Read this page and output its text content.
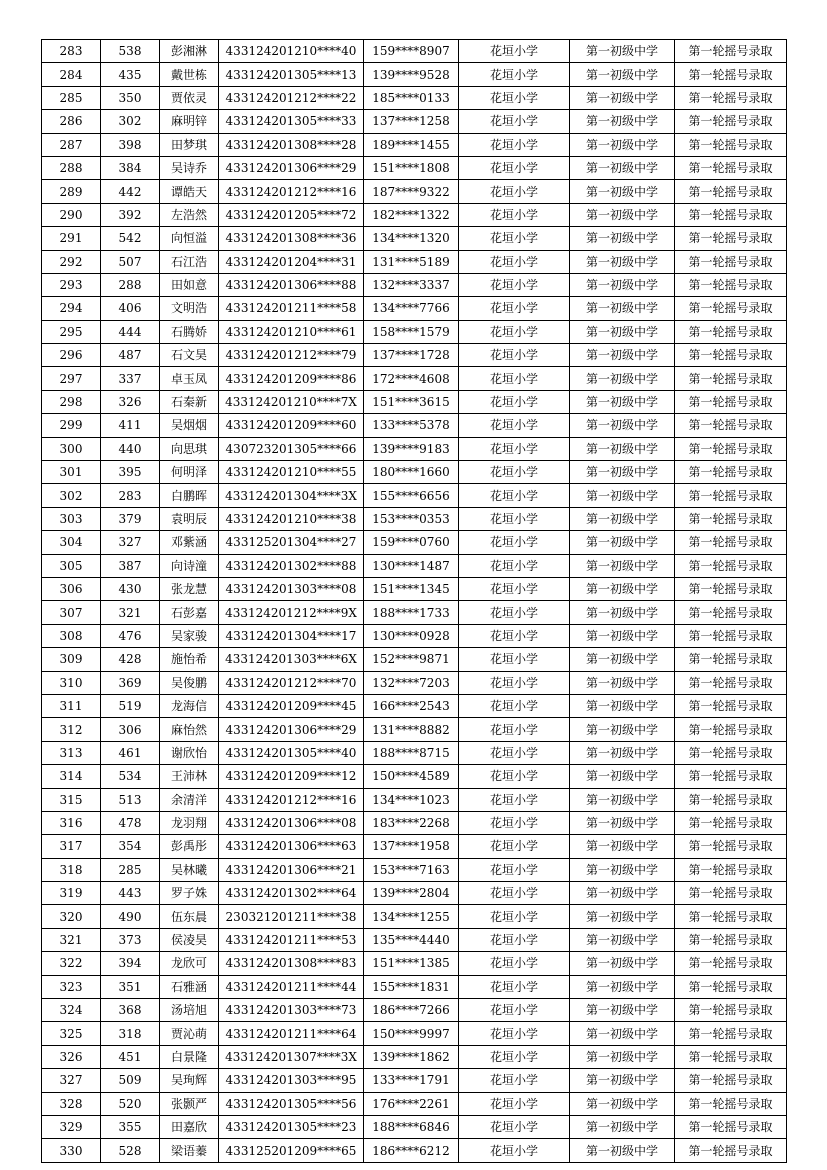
283	538	彭湘淋	433124201210****40	159****8907	花垣小学	第一初级中学	第一轮摇号录取
284	435	戴世栋	433124201305****13	139****9528	花垣小学	第一初级中学	第一轮摇号录取
285	350	贾依灵	433124201212****22	185****0133	花垣小学	第一初级中学	第一轮摇号录取
286	302	麻明锌	433124201305****33	137****1258	花垣小学	第一初级中学	第一轮摇号录取
287	398	田梦琪	433124201308****28	189****1455	花垣小学	第一初级中学	第一轮摇号录取
288	384	吴诗乔	433124201306****29	151****1808	花垣小学	第一初级中学	第一轮摇号录取
289	442	谭皓天	433124201212****16	187****9322	花垣小学	第一初级中学	第一轮摇号录取
290	392	左浩然	433124201205****72	182****1322	花垣小学	第一初级中学	第一轮摇号录取
291	542	向恒溢	433124201308****36	134****1320	花垣小学	第一初级中学	第一轮摇号录取
292	507	石江浩	433124201204****31	131****5189	花垣小学	第一初级中学	第一轮摇号录取
293	288	田如意	433124201306****88	132****3337	花垣小学	第一初级中学	第一轮摇号录取
294	406	文明浩	433124201211****58	134****7766	花垣小学	第一初级中学	第一轮摇号录取
295	444	石腾娇	433124201210****61	158****1579	花垣小学	第一初级中学	第一轮摇号录取
296	487	石文昊	433124201212****79	137****1728	花垣小学	第一初级中学	第一轮摇号录取
297	337	卓玉凤	433124201209****86	172****4608	花垣小学	第一初级中学	第一轮摇号录取
298	326	石秦新	433124201210****7X	151****3615	花垣小学	第一初级中学	第一轮摇号录取
299	411	吴烟烟	433124201209****60	133****5378	花垣小学	第一初级中学	第一轮摇号录取
300	440	向思琪	430723201305****66	139****9183	花垣小学	第一初级中学	第一轮摇号录取
301	395	何明泽	433124201210****55	180****1660	花垣小学	第一初级中学	第一轮摇号录取
302	283	白鹏晖	433124201304****3X	155****6656	花垣小学	第一初级中学	第一轮摇号录取
303	379	袁明辰	433124201210****38	153****0353	花垣小学	第一初级中学	第一轮摇号录取
304	327	邓紫涵	433125201304****27	159****0760	花垣小学	第一初级中学	第一轮摇号录取
305	387	向诗潼	433124201302****88	130****1487	花垣小学	第一初级中学	第一轮摇号录取
306	430	张龙慧	433124201303****08	151****1345	花垣小学	第一初级中学	第一轮摇号录取
307	321	石彭嘉	433124201212****9X	188****1733	花垣小学	第一初级中学	第一轮摇号录取
308	476	吴家骏	433124201304****17	130****0928	花垣小学	第一初级中学	第一轮摇号录取
309	428	施怡希	433124201303****6X	152****9871	花垣小学	第一初级中学	第一轮摇号录取
310	369	吴俊鹏	433124201212****70	132****7203	花垣小学	第一初级中学	第一轮摇号录取
311	519	龙海信	433124201209****45	166****2543	花垣小学	第一初级中学	第一轮摇号录取
312	306	麻怡然	433124201306****29	131****8882	花垣小学	第一初级中学	第一轮摇号录取
313	461	谢欣怡	433124201305****40	188****8715	花垣小学	第一初级中学	第一轮摇号录取
314	534	王沛林	433124201209****12	150****4589	花垣小学	第一初级中学	第一轮摇号录取
315	513	余清洋	433124201212****16	134****1023	花垣小学	第一初级中学	第一轮摇号录取
316	478	龙羽翔	433124201306****08	183****2268	花垣小学	第一初级中学	第一轮摇号录取
317	354	彭禹彤	433124201306****63	137****1958	花垣小学	第一初级中学	第一轮摇号录取
318	285	吴林曦	433124201306****21	153****7163	花垣小学	第一初级中学	第一轮摇号录取
319	443	罗子姝	433124201302****64	139****2804	花垣小学	第一初级中学	第一轮摇号录取
320	490	伍东晨	230321201211****38	134****1255	花垣小学	第一初级中学	第一轮摇号录取
321	373	侯凌昊	433124201211****53	135****4440	花垣小学	第一初级中学	第一轮摇号录取
322	394	龙欣可	433124201308****83	151****1385	花垣小学	第一初级中学	第一轮摇号录取
323	351	石雅涵	433124201211****44	155****1831	花垣小学	第一初级中学	第一轮摇号录取
324	368	汤培旭	433124201303****73	186****7266	花垣小学	第一初级中学	第一轮摇号录取
325	318	贾沁萌	433124201211****64	150****9997	花垣小学	第一初级中学	第一轮摇号录取
326	451	白景隆	433124201307****3X	139****1862	花垣小学	第一初级中学	第一轮摇号录取
327	509	吴珣辉	433124201303****95	133****1791	花垣小学	第一初级中学	第一轮摇号录取
328	520	张颢严	433124201305****56	176****2261	花垣小学	第一初级中学	第一轮摇号录取
329	355	田嘉欣	433124201305****23	188****6846	花垣小学	第一初级中学	第一轮摇号录取
330	528	梁语蓁	433125201209****65	186****6212	花垣小学	第一初级中学	第一轮摇号录取
